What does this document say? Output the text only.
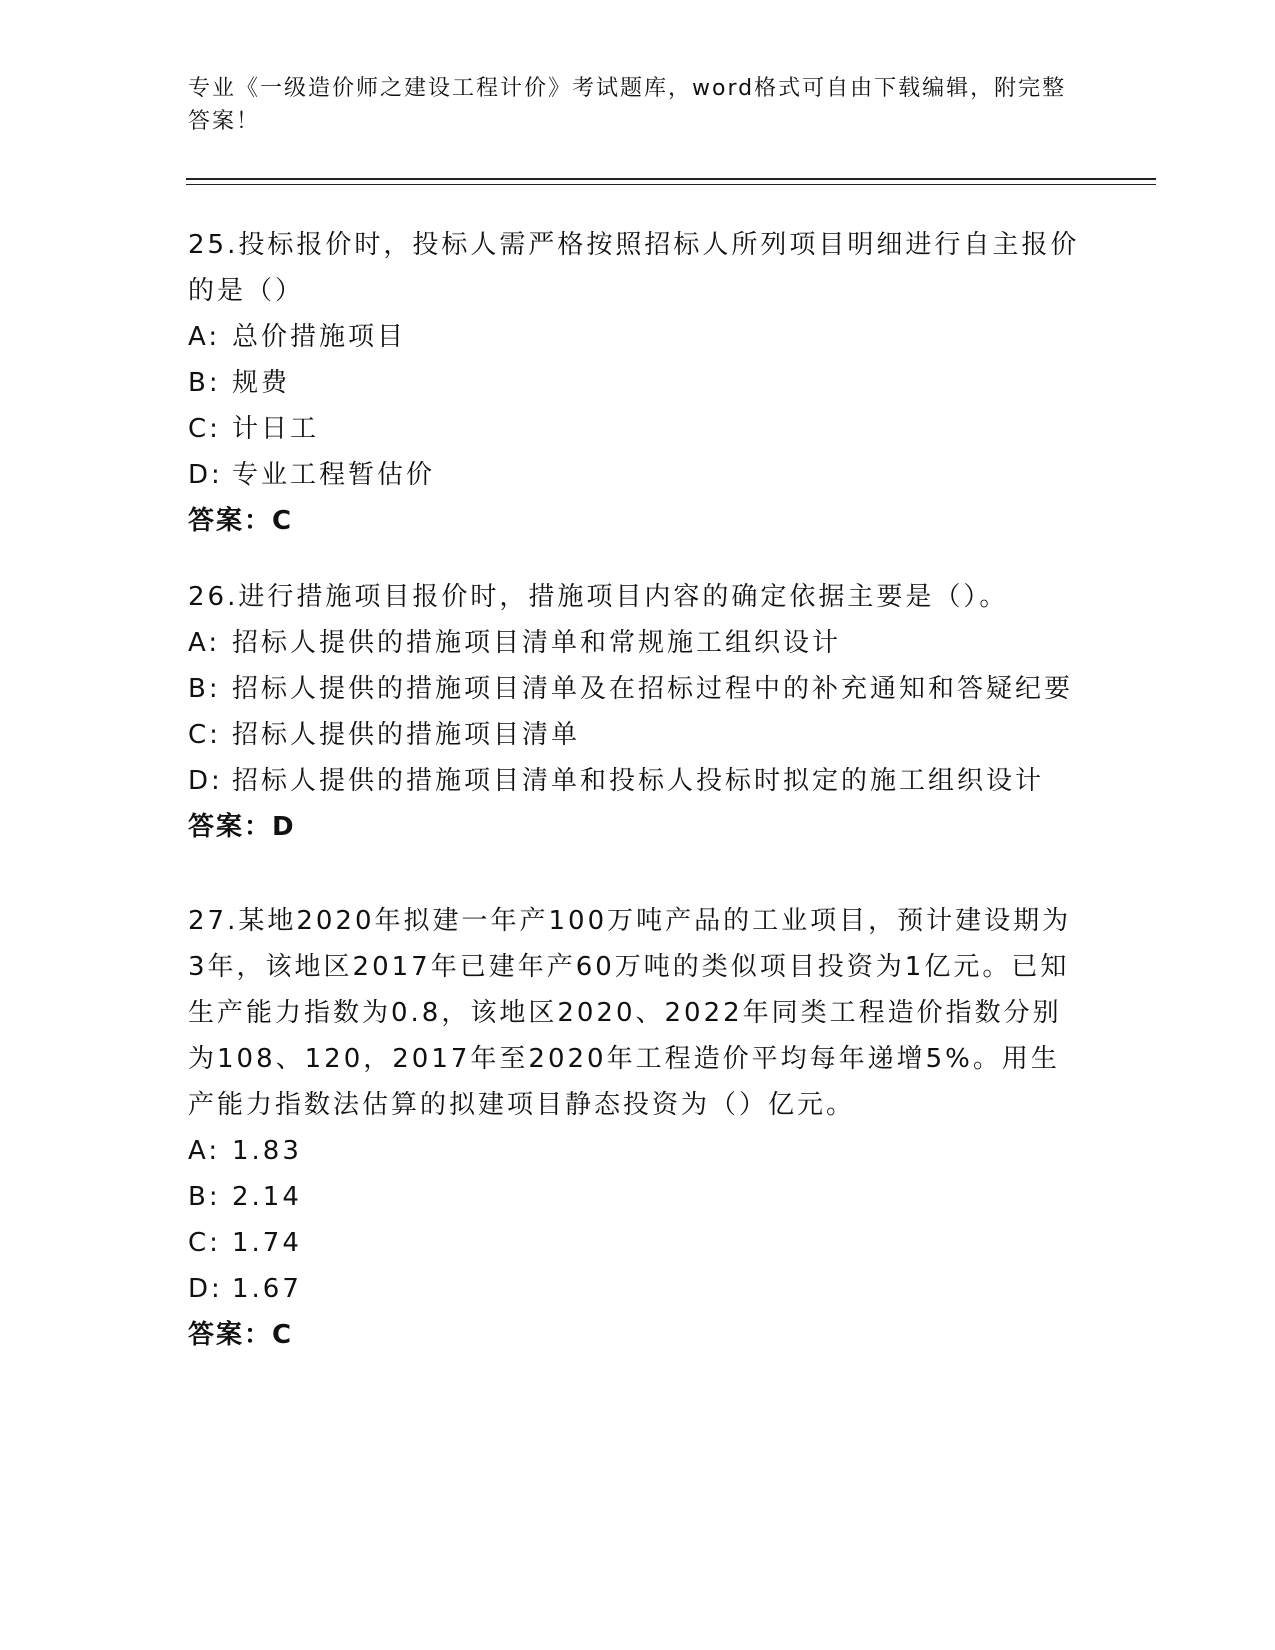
专业《一级造价师之建设工程计价》考试题库，word格式可自由下载编辑，附完整答案！

25.投标报价时，投标人需严格按照招标人所列项目明细进行自主报价的是（）

A: 总价措施项目

B: 规费

C: 计日工

D: 专业工程暂估价

答案：C

26.进行措施项目报价时，措施项目内容的确定依据主要是（）。

A: 招标人提供的措施项目清单和常规施工组织设计

B: 招标人提供的措施项目清单及在招标过程中的补充通知和答疑纪要

C: 招标人提供的措施项目清单

D: 招标人提供的措施项目清单和投标人投标时拟定的施工组织设计

答案：D

27.某地2020年拟建一年产100万吨产品的工业项目，预计建设期为3年，该地区2017年已建年产60万吨的类似项目投资为1亿元。已知生产能力指数为0.8，该地区2020、2022年同类工程造价指数分别为108、120，2017年至2020年工程造价平均每年递增5%。用生产能力指数法估算的拟建项目静态投资为（）亿元。

A: 1.83

B: 2.14

C: 1.74

D: 1.67

答案：C
